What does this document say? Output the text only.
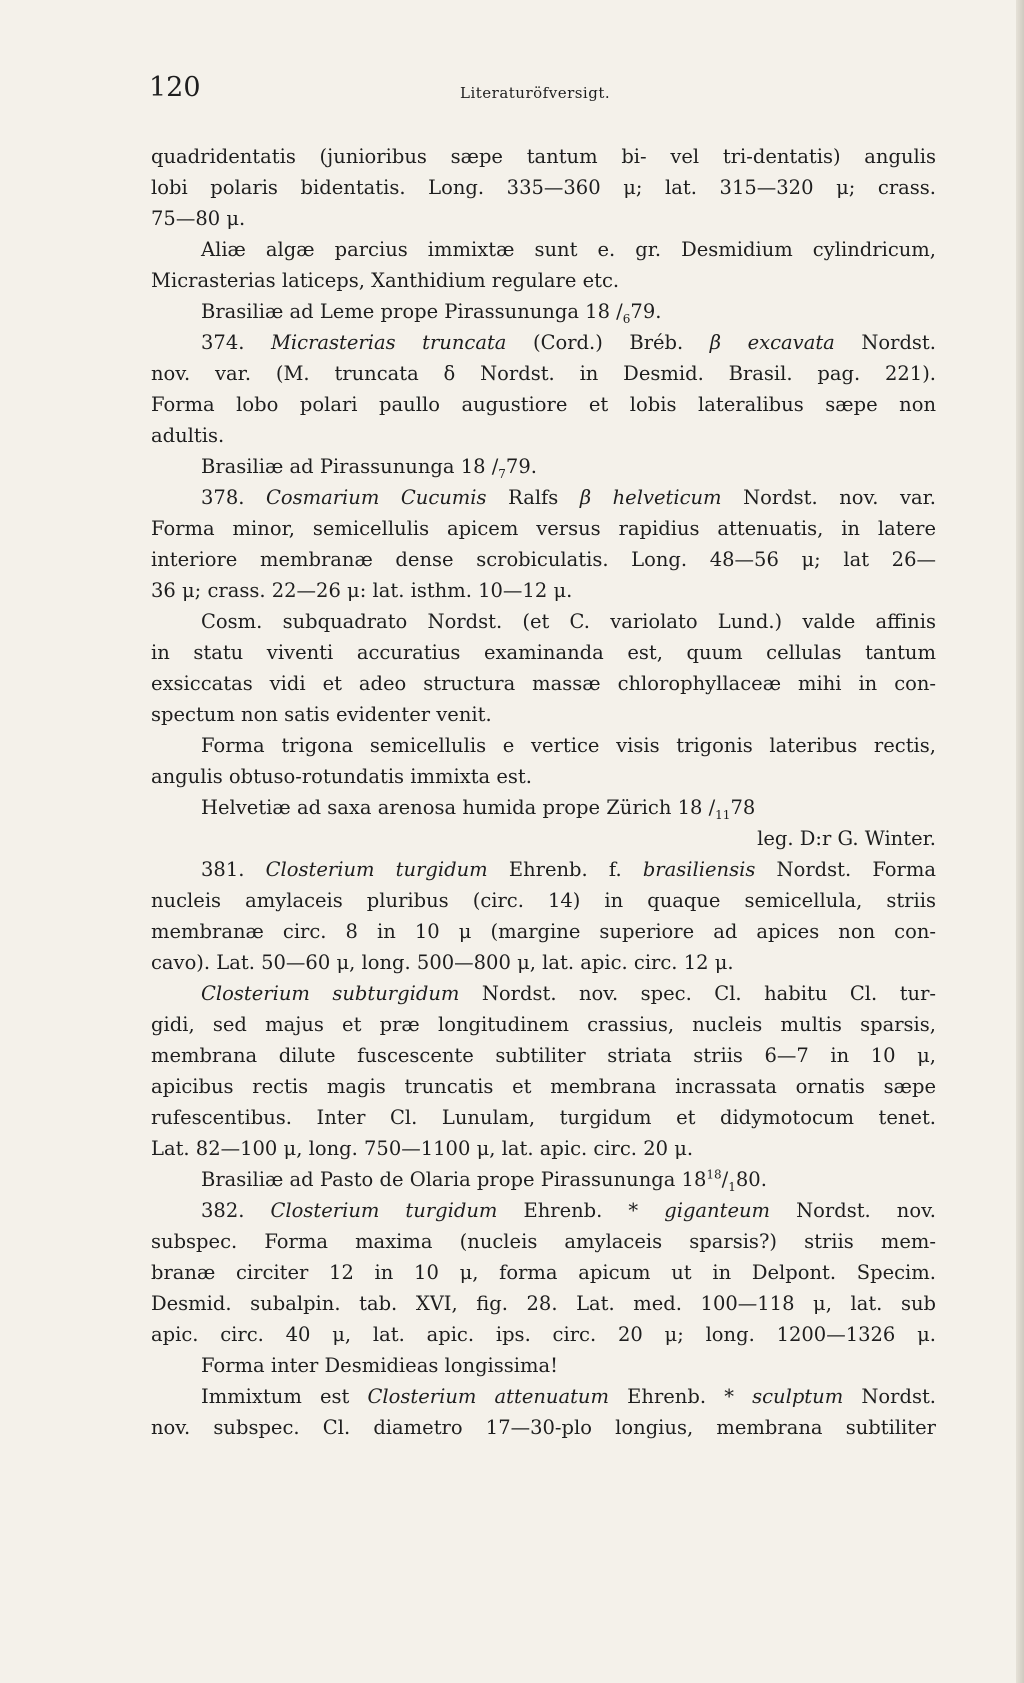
120	Literaturöfversigt.
quadridentatis (junioribus sæpe tantum bi- vel tri-dentatis) angulis
lobi polaris bidentatis. Long. 335—360 μ; lat. 315—320 μ; crass.
75—80 μ.
Aliæ algæ parcius immixtæ sunt e. gr. Desmidium cylindricum,
Micrasterias laticeps, Xanthidium regulare etc.
Brasiliæ ad Leme prope Pirassununga 18 $/_679$.
374. Micrasterias truncata (Cord.) Bréb. β excavata Nordst.
nov. var. (M. truncata δ Nordst. in Desmid. Brasil. pag. 221).
Forma lobo polari paullo augustiore et lobis lateralibus sæpe non
adultis.
Brasiliæ ad Pirassununga 18 $/_779$.
378. Cosmarium Cucumis Ralfs β helveticum Nordst. nov. var.
Forma minor, semicellulis apicem versus rapidius attenuatis, in latere
interiore membranæ dense scrobiculatis. Long. 48—56 μ; lat 26—
36 μ; crass. 22—26 μ: lat. isthm. 10—12 μ.
Cosm. subquadrato Nordst. (et C. variolato Lund.) valde affinis
in statu viventi accuratius examinanda est, quum cellulas tantum
exsiccatas vidi et adeo structura massæ chlorophyllaceæ mihi in con-
spectum non satis evidenter venit.
Forma trigona semicellulis e vertice visis trigonis lateribus rectis,
angulis obtuso-rotundatis immixta est.
Helvetiæ ad saxa arenosa humida prope Zürich 18 $/_{11}78$
leg. D:r G. Winter.
381. Closterium turgidum Ehrenb. f. brasiliensis Nordst. Forma
nucleis amylaceis pluribus (circ. 14) in quaque semicellula, striis
membranæ circ. 8 in 10 μ (margine superiore ad apices non con-
cavo). Lat. 50—60 μ, long. 500—800 μ, lat. apic. circ. 12 μ.
Closterium subturgidum Nordst. nov. spec. Cl. habitu Cl. tur-
gidi, sed majus et præ longitudinem crassius, nucleis multis sparsis,
membrana dilute fuscescente subtiliter striata striis 6—7 in 10 μ,
apicibus rectis magis truncatis et membrana incrassata ornatis sæpe
rufescentibus. Inter Cl. Lunulam, turgidum et didymotocum tenet.
Lat. 82—100 μ, long. 750—1100 μ, lat. apic. circ. 20 μ.
Brasiliæ ad Pasto de Olaria prope Pirassununga $18^{18}/_180$.
382. Closterium turgidum Ehrenb. * giganteum Nordst. nov.
subspec. Forma maxima (nucleis amylaceis sparsis?) striis mem-
branæ circiter 12 in 10 μ, forma apicum ut in Delpont. Specim.
Desmid. subalpin. tab. XVI, fig. 28. Lat. med. 100—118 μ, lat. sub
apic. circ. 40 μ, lat. apic. ips. circ. 20 μ; long. 1200—1326 μ.
Forma inter Desmidieas longissima!
Immixtum est Closterium attenuatum Ehrenb. * sculptum Nordst.
nov. subspec. Cl. diametro 17—30-plo longius, membrana subtiliter
